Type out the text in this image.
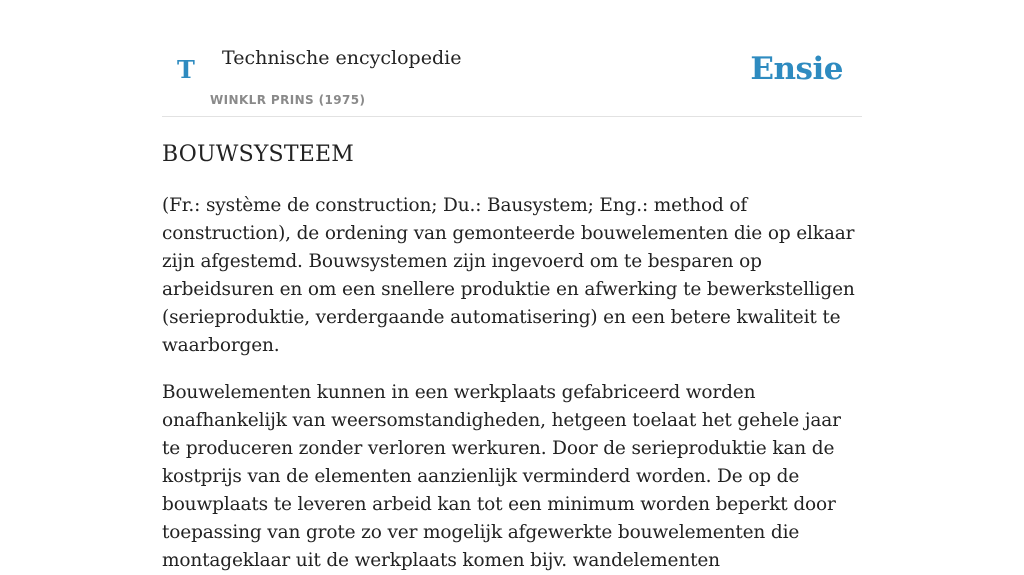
T Technische encyclopedie
WINKLR PRINS (1975)
Ensie
BOUWSYSTEEM

(Fr.: système de construction; Du.: Bausystem; Eng.: method of construction), de ordening van gemonteerde bouwelementen die op elkaar zijn afgestemd. Bouwsystemen zijn ingevoerd om te besparen op arbeidsuren en om een snellere produktie en afwerking te bewerkstelligen (serieproduktie, verdergaande automatisering) en een betere kwaliteit te waarborgen.

Bouwelementen kunnen in een werkplaats gefabriceerd worden onafhankelijk van weersomstandigheden, hetgeen toelaat het gehele jaar te produceren zonder verloren werkuren. Door de serieproduktie kan de kostprijs van de elementen aanzienlijk verminderd worden. De op de bouwplaats te leveren arbeid kan tot een minimum worden beperkt door toepassing van grote zo ver mogelijk afgewerkte bouwelementen die montageklaar uit de werkplaats komen bijv. wandelementen
